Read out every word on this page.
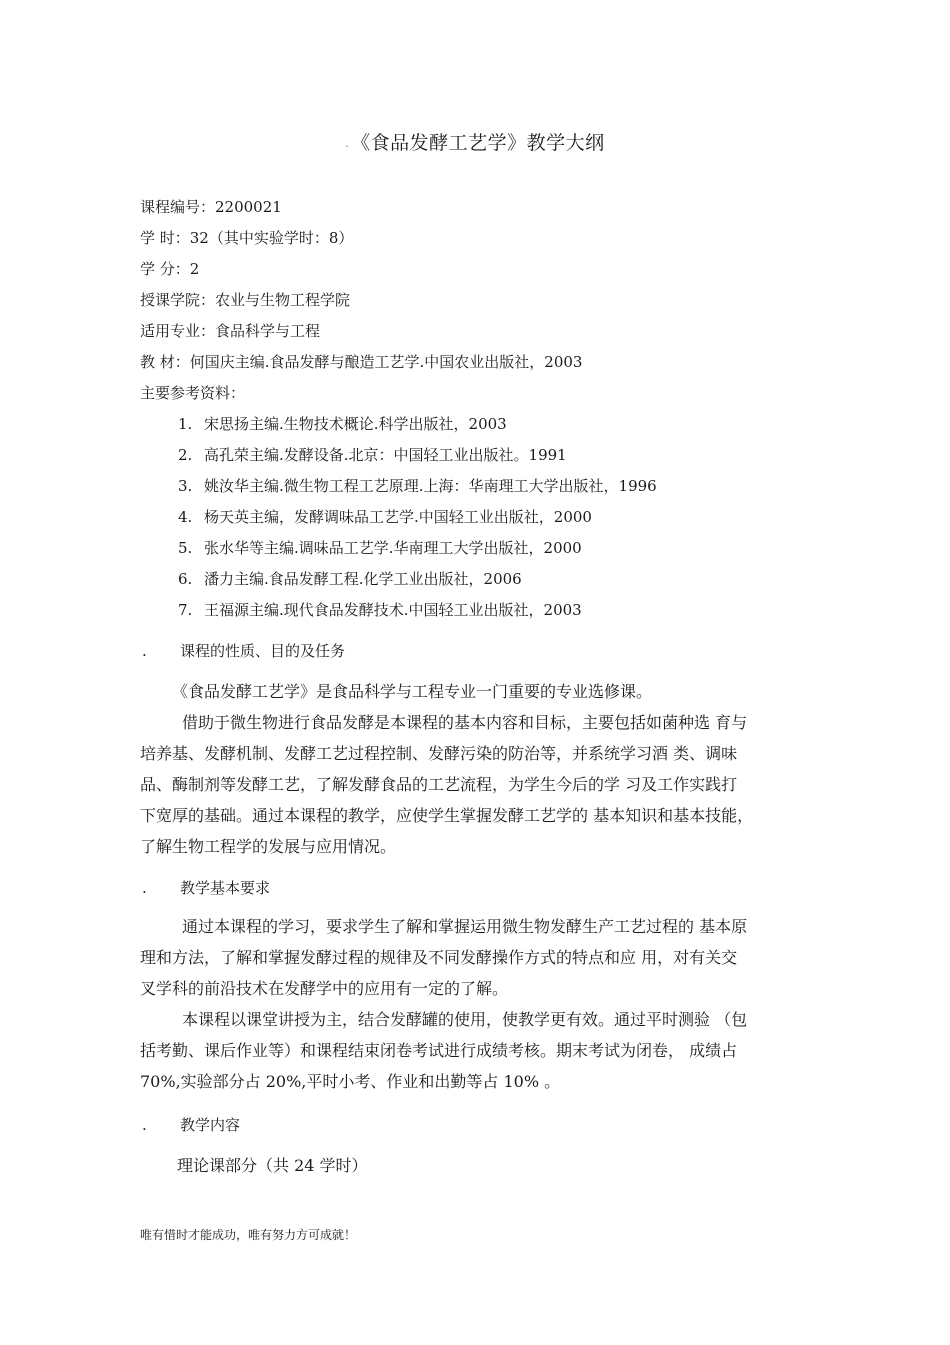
. 《食品发酵工艺学》教学大纲
课程编号：2200021
学 时：32（其中实验学时：8）
学 分：2
授课学院：农业与生物工程学院
适用专业：食品科学与工程
教 材：何国庆主编.食品发酵与酿造工艺学.中国农业出版社，2003
主要参考资料：
1. 宋思扬主编.生物技术概论.科学出版社，2003
2. 高孔荣主编.发酵设备.北京：中国轻工业出版社。1991
3. 姚汝华主编.微生物工程工艺原理.上海：华南理工大学出版社，1996
4. 杨天英主编，发酵调味品工艺学.中国轻工业出版社，2000
5. 张水华等主编.调味品工艺学.华南理工大学出版社，2000
6. 潘力主编.食品发酵工程.化学工业出版社，2006
7. 王福源主编.现代食品发酵技术.中国轻工业出版社，2003
. 课程的性质、目的及任务
《食品发酵工艺学》是食品科学与工程专业一门重要的专业选修课。
借助于微生物进行食品发酵是本课程的基本内容和目标，主要包括如菌种选 育与
培养基、发酵机制、发酵工艺过程控制、发酵污染的防治等，并系统学习酒 类、调味
品、酶制剂等发酵工艺，了解发酵食品的工艺流程，为学生今后的学 习及工作实践打
下宽厚的基础。通过本课程的教学，应使学生掌握发酵工艺学的 基本知识和基本技能，
了解生物工程学的发展与应用情况。
. 教学基本要求
通过本课程的学习，要求学生了解和掌握运用微生物发酵生产工艺过程的 基本原
理和方法，了解和掌握发酵过程的规律及不同发酵操作方式的特点和应 用，对有关交
叉学科的前沿技术在发酵学中的应用有一定的了解。
本课程以课堂讲授为主，结合发酵罐的使用，使教学更有效。通过平时测验 （包
括考勤、课后作业等）和课程结束闭卷考试进行成绩考核。期末考试为闭卷， 成绩占
70%,实验部分占 20%,平时小考、作业和出勤等占 10% 。
. 教学内容
理论课部分（共 24 学时）
唯有惜时才能成功，唯有努力方可成就！
